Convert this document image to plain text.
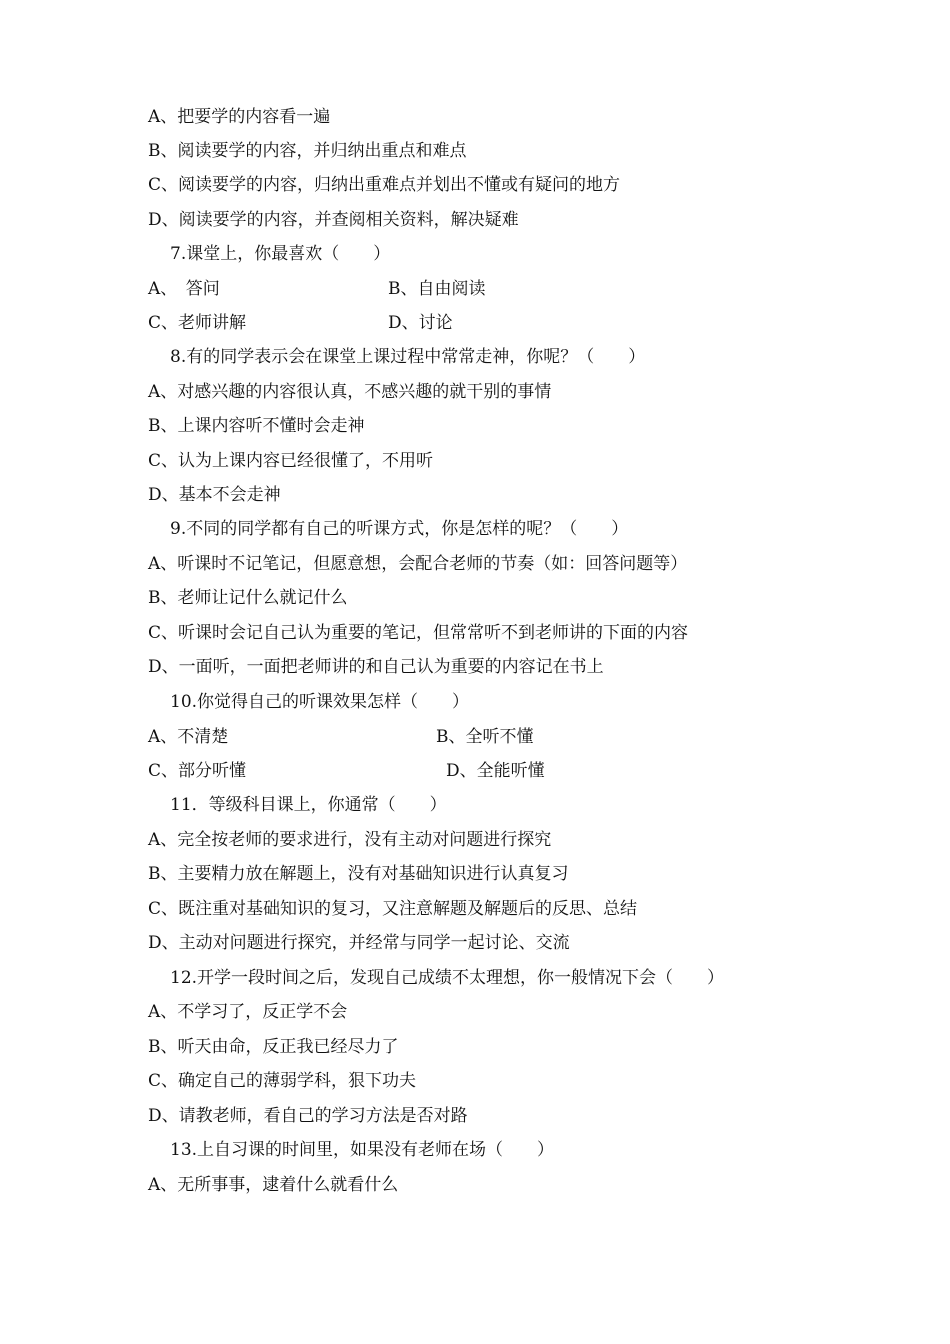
A、把要学的内容看一遍
B、阅读要学的内容，并归纳出重点和难点
C、阅读要学的内容，归纳出重难点并划出不懂或有疑问的地方
D、阅读要学的内容，并查阅相关资料，解决疑难
7.课堂上，你最喜欢（　　）
A、　答问	B、自由阅读
C、老师讲解	D、讨论
8.有的同学表示会在课堂上课过程中常常走神，你呢？（　　）
A、对感兴趣的内容很认真，不感兴趣的就干别的事情
B、上课内容听不懂时会走神
C、认为上课内容已经很懂了，不用听
D、基本不会走神
9.不同的同学都有自己的听课方式，你是怎样的呢？（　　）
A、听课时不记笔记，但愿意想，会配合老师的节奏（如：回答问题等）
B、老师让记什么就记什么
C、听课时会记自己认为重要的笔记，但常常听不到老师讲的下面的内容
D、一面听，一面把老师讲的和自己认为重要的内容记在书上
10.你觉得自己的听课效果怎样（　　）
A、不清楚	B、全听不懂
C、部分听懂	D、全能听懂
11．等级科目课上，你通常（　　）
A、完全按老师的要求进行，没有主动对问题进行探究
B、主要精力放在解题上，没有对基础知识进行认真复习
C、既注重对基础知识的复习，又注意解题及解题后的反思、总结
D、主动对问题进行探究，并经常与同学一起讨论、交流
12.开学一段时间之后，发现自己成绩不太理想，你一般情况下会（　　）
A、不学习了，反正学不会
B、听天由命，反正我已经尽力了
C、确定自己的薄弱学科，狠下功夫
D、请教老师，看自己的学习方法是否对路
13.上自习课的时间里，如果没有老师在场（　　）
A、无所事事，逮着什么就看什么
